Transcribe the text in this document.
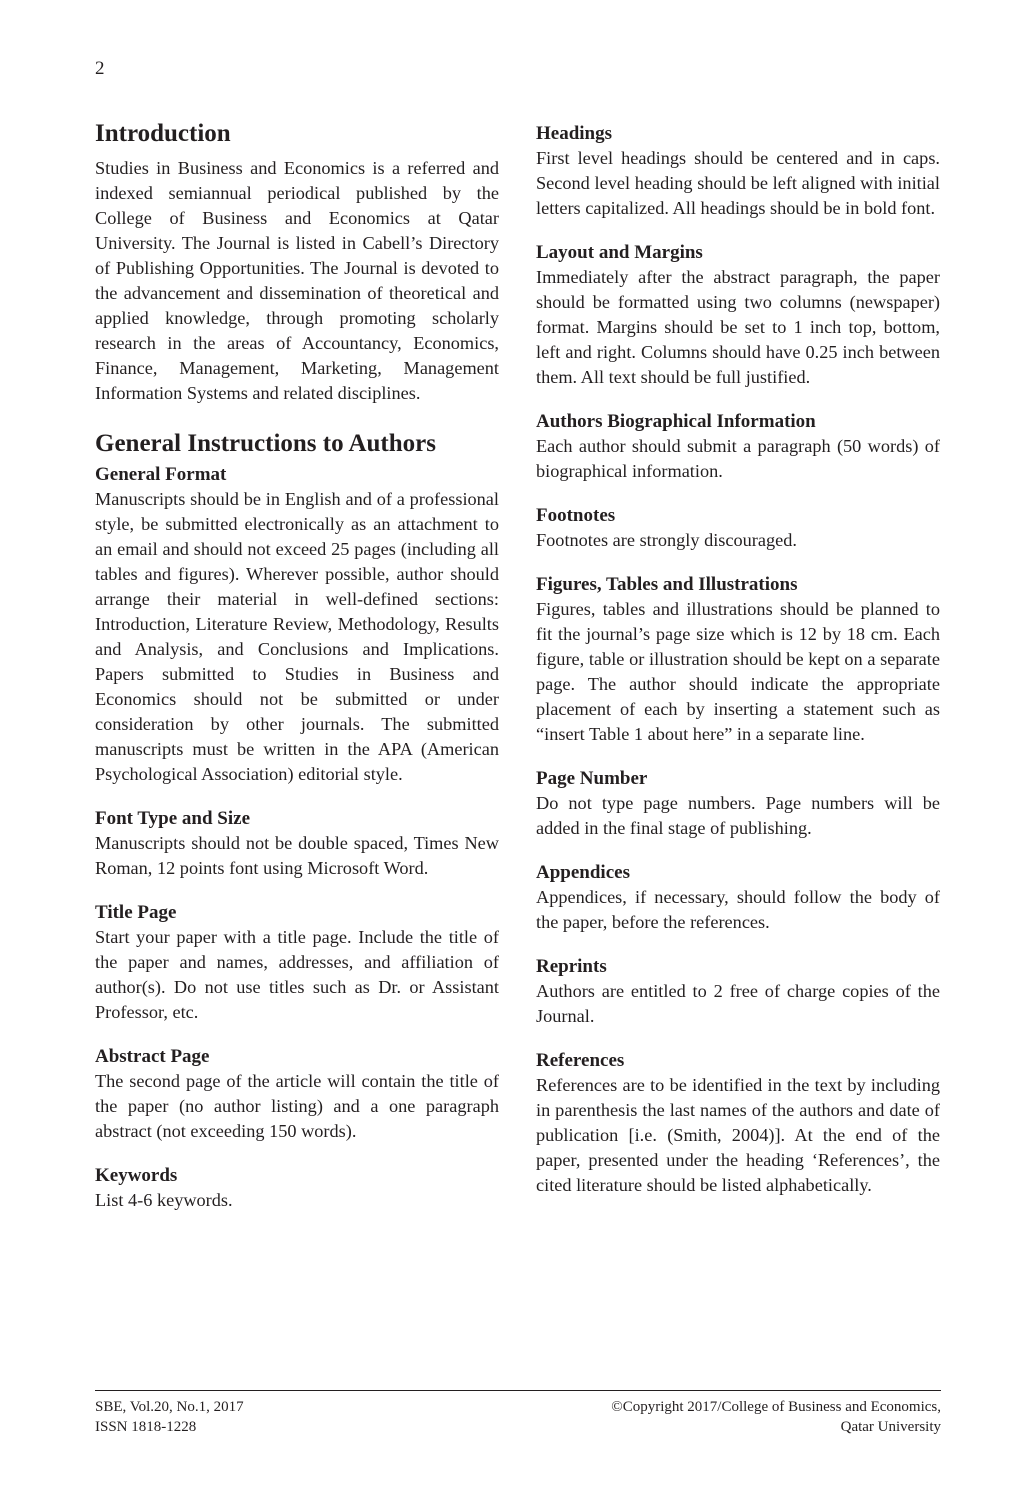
2
Introduction

Studies in Business and Economics is a referred and indexed semiannual periodical published by the College of Business and Economics at Qatar University. The Journal is listed in Cabell’s Directory of Publishing Opportunities. The Journal is devoted to the advancement and dissemination of theoretical and applied knowledge, through promoting scholarly research in the areas of Accountancy, Economics, Finance, Management, Marketing, Management Information Systems and related disciplines.

General Instructions to Authors
General Format

Manuscripts should be in English and of a professional style, be submitted electronically as an attachment to an email and should not exceed 25 pages (including all tables and figures). Wherever possible, author should arrange their material in well-defined sections: Introduction, Literature Review, Methodology, Results and Analysis, and Conclusions and Implications. Papers submitted to Studies in Business and Economics should not be submitted or under consideration by other journals. The submitted manuscripts must be written in the APA (American Psychological Association) editorial style.

Font Type and Size

Manuscripts should not be double spaced, Times New Roman, 12 points font using Microsoft Word.

Title Page

Start your paper with a title page. Include the title of the paper and names, addresses, and affiliation of author(s). Do not use titles such as Dr. or Assistant Professor, etc.

Abstract Page

The second page of the article will contain the title of the paper (no author listing) and a one paragraph abstract (not exceeding 150 words).

Keywords

List 4-6 keywords.

Headings

First level headings should be centered and in caps. Second level heading should be left aligned with initial letters capitalized. All headings should be in bold font.

Layout and Margins

Immediately after the abstract paragraph, the paper should be formatted using two columns (newspaper) format. Margins should be set to 1 inch top, bottom, left and right. Columns should have 0.25 inch between them. All text should be full justified.

Authors Biographical Information

Each author should submit a paragraph (50 words) of biographical information.

Footnotes

Footnotes are strongly discouraged.

Figures, Tables and Illustrations

Figures, tables and illustrations should be planned to fit the journal’s page size which is 12 by 18 cm. Each figure, table or illustration should be kept on a separate page. The author should indicate the appropriate placement of each by inserting a statement such as “insert Table 1 about here” in a separate line.

Page Number

Do not type page numbers. Page numbers will be added in the final stage of publishing.

Appendices

Appendices, if necessary, should follow the body of the paper, before the references.

Reprints

Authors are entitled to 2 free of charge copies of the Journal.

References

References are to be identified in the text by including in parenthesis the last names of the authors and date of publication [i.e. (Smith, 2004)]. At the end of the paper, presented under the heading ‘References’, the cited literature should be listed alphabetically.

SBE, Vol.20, No.1, 2017
ISSN 1818-1228
©Copyright 2017/College of Business and Economics,
Qatar University
